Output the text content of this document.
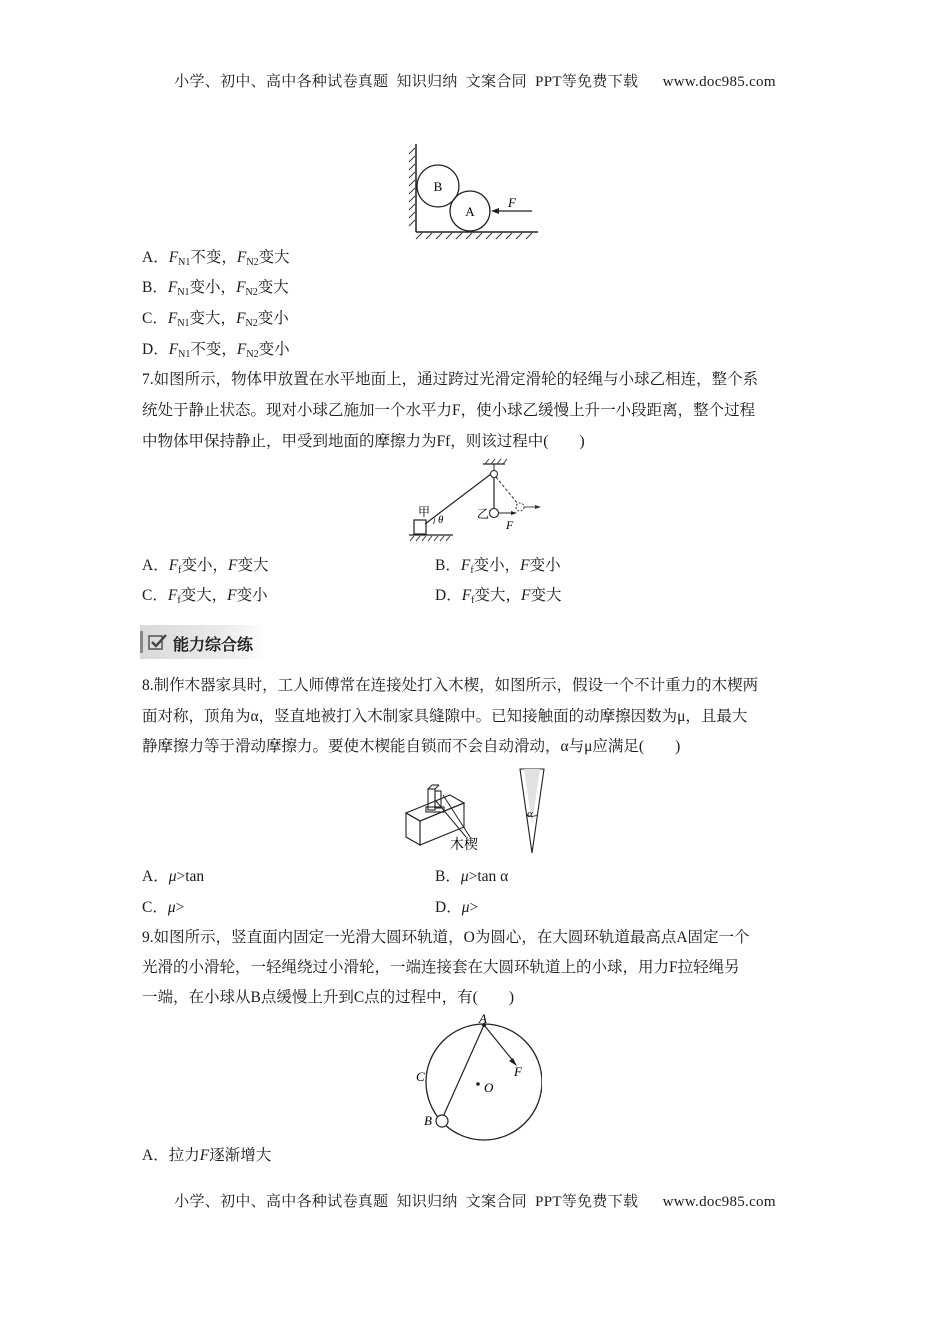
小学、初中、高中各种试卷真题  知识归纳  文案合同  PPT等免费下载      www.doc985.com
B
A
F
A．$F_{N1}$不变，$F_{N2}$变大
B．$F_{N1}$变小，$F_{N2}$变大
C．$F_{N1}$变大，$F_{N2}$变小
D．$F_{N1}$不变，$F_{N2}$变小
7.如图所示，物体甲放置在水平地面上，通过跨过光滑定滑轮的轻绳与小球乙相连，整个系
统处于静止状态。现对小球乙施加一个水平力F，使小球乙缓慢上升一小段距离，整个过程
中物体甲保持静止，甲受到地面的摩擦力为Ff，则该过程中(　　)
甲
θ	乙
F
A．$F_f$变小，F变大	B．$F_f$变小，F变小
C．$F_f$变大，F变小	D．$F_f$变大，F变大
能力综合练
8.制作木器家具时，工人师傅常在连接处打入木楔，如图所示，假设一个不计重力的木楔两
面对称，顶角为α，竖直地被打入木制家具缝隙中。已知接触面的动摩擦因数为μ，且最大
静摩擦力等于滑动摩擦力。要使木楔能自锁而不会自动滑动，α与μ应满足(　　)
木楔
α
A．μ>tan	B．μ>tan α
C．μ>	D．μ>
9.如图所示，竖直面内固定一光滑大圆环轨道，O为圆心，在大圆环轨道最高点A固定一个
光滑的小滑轮，一轻绳绕过小滑轮，一端连接套在大圆环轨道上的小球，用力F拉轻绳另
一端，在小球从B点缓慢上升到C点的过程中，有(　　)
A
C
O
B
F
A．拉力F逐渐增大
小学、初中、高中各种试卷真题  知识归纳  文案合同  PPT等免费下载      www.doc985.com
